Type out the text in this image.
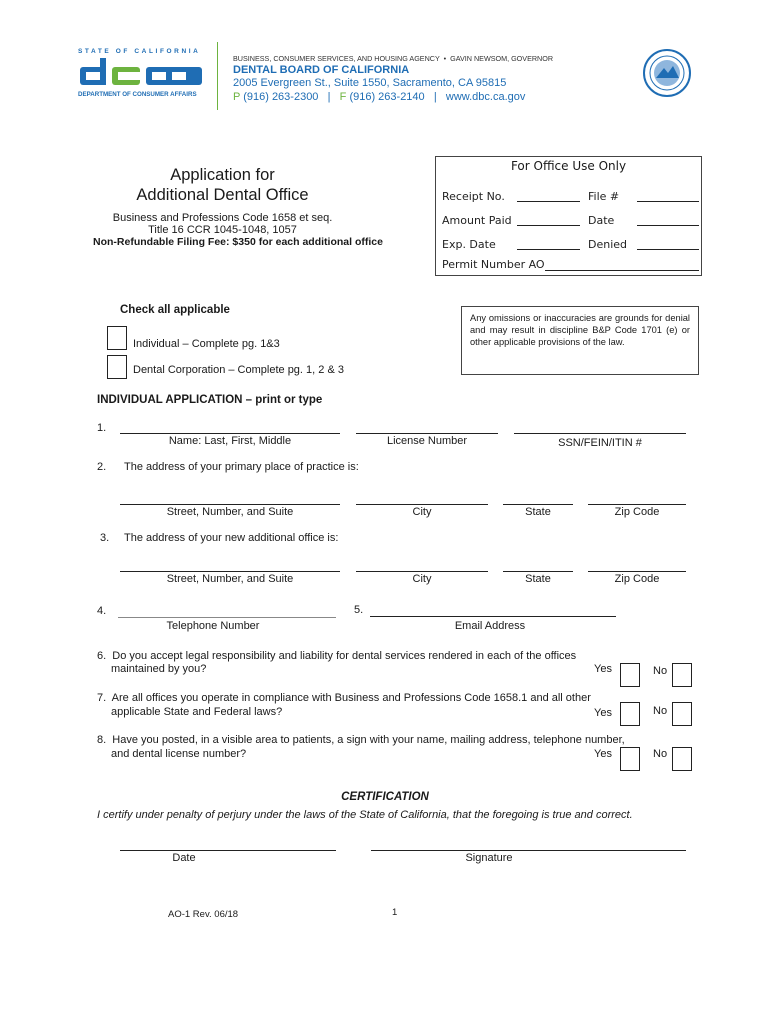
STATE OF CALIFORNIA
DEPARTMENT OF CONSUMER AFFAIRS
BUSINESS, CONSUMER SERVICES, AND HOUSING AGENCY  •  GAVIN NEWSOM, GOVERNOR
DENTAL BOARD OF CALIFORNIA
2005 Evergreen St., Suite 1550, Sacramento, CA 95815
P (916) 263-2300 | F (916) 263-2140 | www.dbc.ca.gov
Application for
Additional Dental Office
Business and Professions Code 1658 et seq.
Title 16 CCR 1045-1048, 1057
Non-Refundable Filing Fee: $350 for each additional office
For Office Use Only
Receipt No.	File #
Amount Paid	Date
Exp. Date	Denied
Permit Number AO
Check all applicable
Individual – Complete pg. 1&3
Dental Corporation – Complete pg. 1, 2 & 3
Any omissions or inaccuracies are grounds for denial and may result in discipline B&P Code 1701 (e) or other applicable provisions of the law.
INDIVIDUAL APPLICATION – print or type
1.
Name: Last, First, Middle	License Number	SSN/FEIN/ITIN #
2. The address of your primary place of practice is:
Street, Number, and Suite	City	State	Zip Code
3. The address of your new additional office is:
Street, Number, and Suite	City	State	Zip Code
4.
Telephone Number
5.
Email Address
6.  Do you accept legal responsibility and liability for dental services rendered in each of the offices
maintained by you?	Yes	No
7.  Are all offices you operate in compliance with Business and Professions Code 1658.1 and all other
applicable State and Federal laws?	Yes	No
8.  Have you posted, in a visible area to patients, a sign with your name, mailing address, telephone number,
and dental license number?	Yes	No
CERTIFICATION
I certify under penalty of perjury under the laws of the State of California, that the foregoing is true and correct.
Date	Signature
AO-1 Rev. 06/18	1
